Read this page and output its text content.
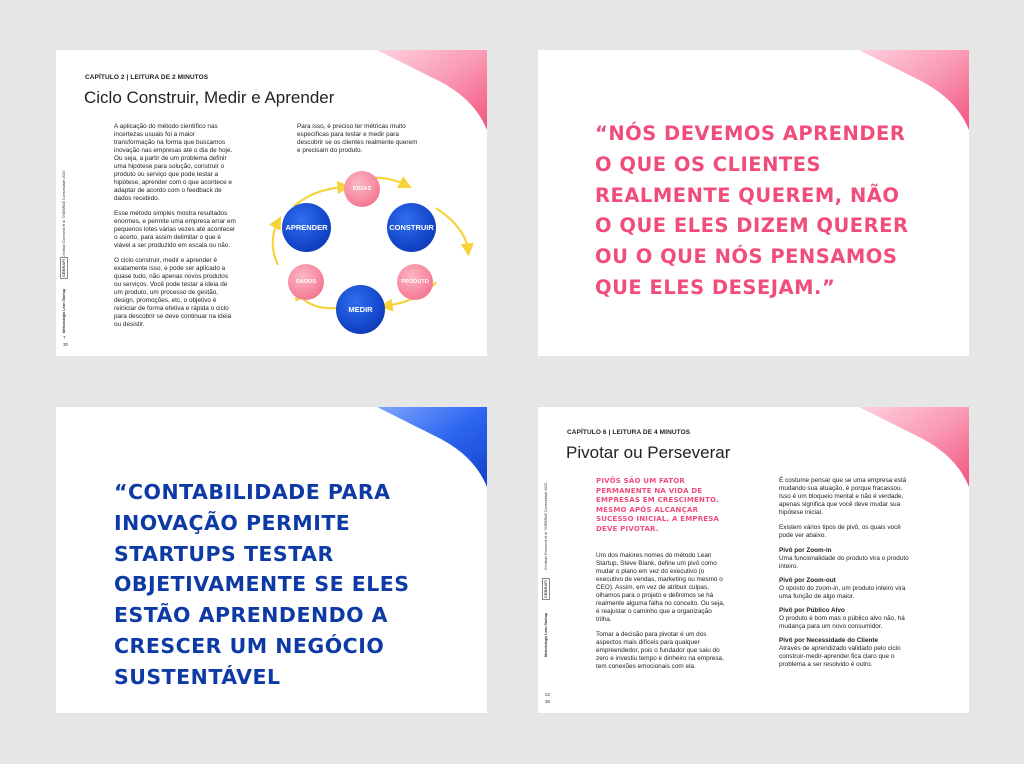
CAPÍTULO 2 | LEITURA DE 2 MINUTOS
Ciclo Construir, Medir e Aprender
Christian Dormond et al. ©SEBRAE Comunidade 2020
CEBRAFI
Metodologia Lean Startup
7
30

A aplicação do método científico nas incertezas usuais foi a maior transformação na forma que buscamos inovação nas empresas até o dia de hoje. Ou seja, a partir de um problema definir uma hipótese para solução, construir o produto ou serviço que pode testar a hipótese, aprender com o que acontece e adaptar de acordo com o feedback de dados recebido.

Esse método simples mostra resultados enormes, e permite uma empresa errar em pequenos lotes várias vezes até acontecer o acerto, para assim delimitar o que é viável a ser produzido em escala ou não.

O ciclo construir, medir e aprender é exatamente isso, e pode ser aplicado a quase tudo, não apenas novos produtos ou serviços. Você pode testar a ideia de um produto, um processo de gestão, design, promoções, etc, o objetivo é reiniciar de forma efetiva e rápida o ciclo para descobrir se deve continuar na ideia ou desistir.

Para isso, é preciso ter métricas muito específicas para testar e medir para descobrir se os clientes realmente querem e precisam do produto.

IDEIAS
CONSTRUIR
PRODUTO
MEDIR
DADOS
APRENDER
“NÓS DEVEMOS APRENDER
O QUE OS CLIENTES
REALMENTE QUEREM, NÃO
O QUE ELES DIZEM QUERER
OU O QUE NÓS PENSAMOS
QUE ELES DESEJAM.”
“CONTABILIDADE PARA
INOVAÇÃO PERMITE
STARTUPS TESTAR
OBJETIVAMENTE SE ELES
ESTÃO APRENDENDO A
CRESCER UM NEGÓCIO
SUSTENTÁVEL
CAPÍTULO 6 | LEITURA DE 4 MINUTOS
Pivotar ou Perseverar
Christian Dormond et al. ©SEBRAE Comunidade 2020
CEBRAFI
Metodologia Lean Startup
22
30
PIVÔS SÃO UM FATOR
PERMANENTE NA VIDA DE
EMPRESAS EM CRESCIMENTO.
MESMO APÓS ALCANÇAR
SUCESSO INICIAL, A EMPRESA
DEVE PIVOTAR.

Um dos maiores nomes do método Lean Startup, Steve Blank, define um pivô como mudar o plano em vez do executivo (o executivo de vendas, marketing ou mesmo o CEO). Assim, em vez de atribuir culpas, olhamos para o projeto e definimos se há realmente alguma falha no conceito. Ou seja, é reajustar o caminho que a organização trilha.

Tomar a decisão para pivotar é um dos aspectos mais difíceis para qualquer empreendedor, pois o fundador que saiu do zero e investiu tempo e dinheiro na empresa, tem conexões emocionais com ela.

É costume pensar que se uma empresa está mudando sua atuação, é porque fracassou. Isso é um bloqueio mental e não é verdade, apenas significa que você deve mudar sua hipótese inicial.

Existem vários tipos de pivô, os quais você pode ver abaixo.

Pivô por Zoom-in
Uma funcionalidade do produto vira o produto inteiro.
Pivô por Zoom-out
O oposto do zoom-in, um produto inteiro vira uma função de algo maior.
Pivô por Público Alvo
O produto é bom mas o público alvo não, há mudança para um novo consumidor.
Pivô por Necessidade do Cliente
Através de aprendizado validado pelo ciclo construir-medir-aprender fica claro que o problema a ser resolvido é outro.
